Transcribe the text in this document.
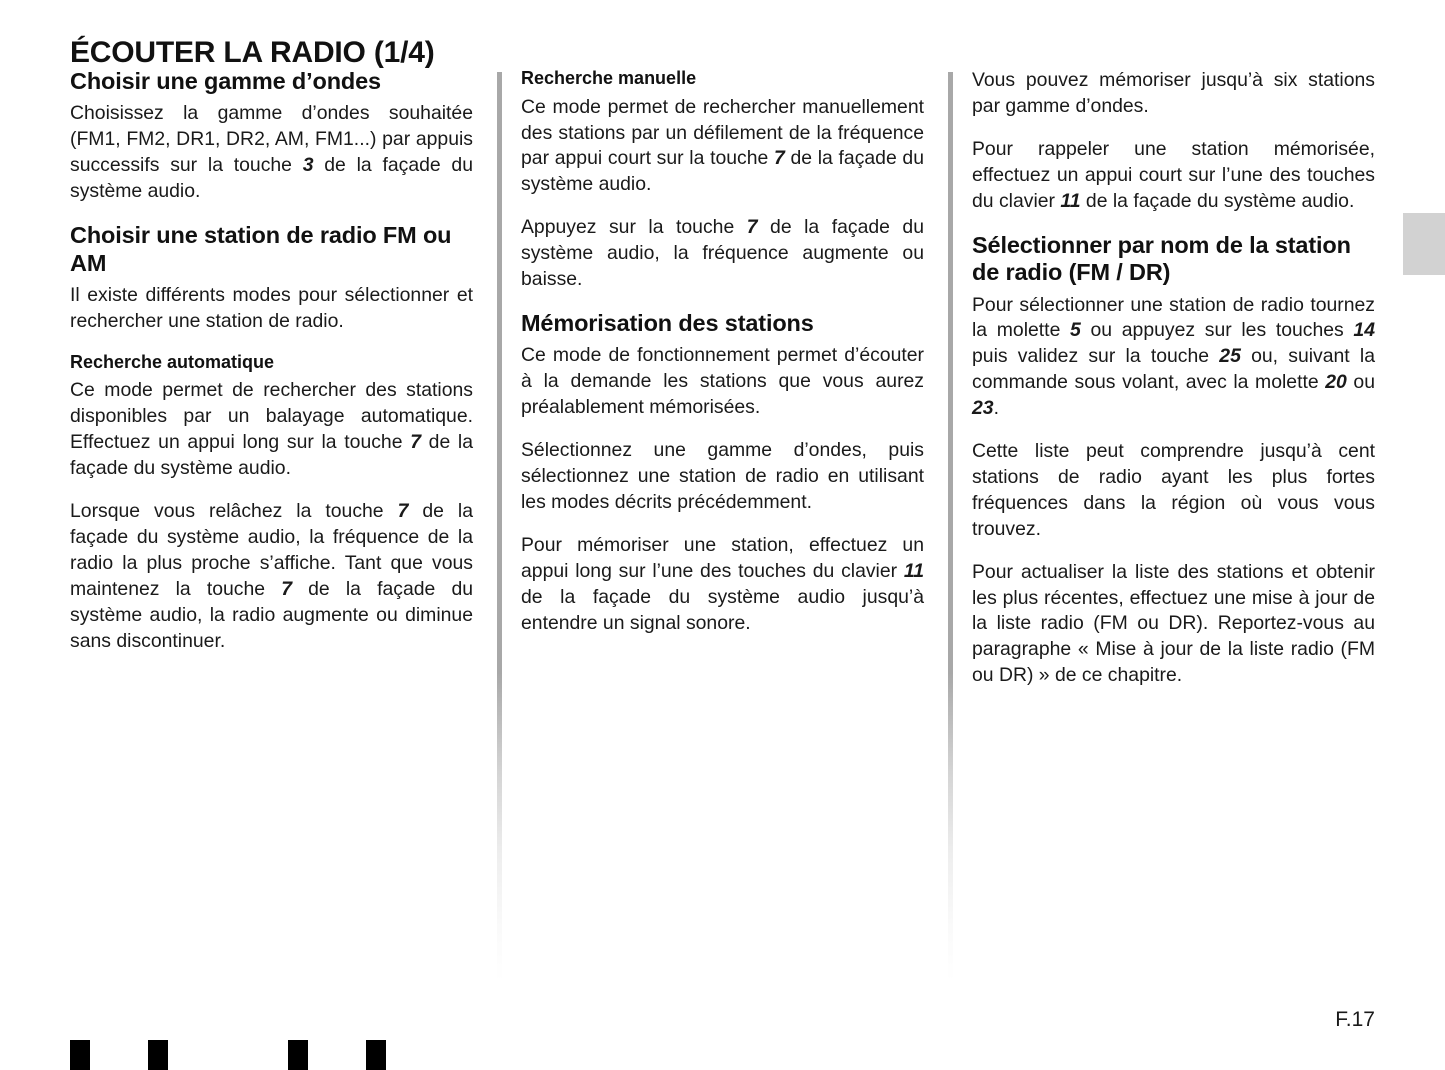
ÉCOUTER LA RADIO (1/4)
Choisir une gamme d’ondes

Choisissez la gamme d’ondes souhaitée (FM1, FM2, DR1, DR2, AM, FM1...) par appuis successifs sur la touche 3 de la façade du système audio.

Choisir une station de radio FM ou AM

Il existe différents modes pour sélectionner et rechercher une station de radio.

Recherche automatique

Ce mode permet de rechercher des stations disponibles par un balayage automatique. Effectuez un appui long sur la touche 7 de la façade du système audio.

Lorsque vous relâchez la touche 7 de la façade du système audio, la fréquence de la radio la plus proche s’affiche. Tant que vous maintenez la touche 7 de la façade du système audio, la radio augmente ou diminue sans discontinuer.

Recherche manuelle

Ce mode permet de rechercher manuellement des stations par un défilement de la fréquence par appui court sur la touche 7 de la façade du système audio.

Appuyez sur la touche 7 de la façade du système audio, la fréquence augmente ou baisse.

Mémorisation des stations

Ce mode de fonctionnement permet d’écouter à la demande les stations que vous aurez préalablement mémorisées.

Sélectionnez une gamme d’ondes, puis sélectionnez une station de radio en utilisant les modes décrits précédemment.

Pour mémoriser une station, effectuez un appui long sur l’une des touches du clavier 11 de la façade du système audio jusqu’à entendre un signal sonore.

Vous pouvez mémoriser jusqu’à six stations par gamme d’ondes.

Pour rappeler une station mémorisée, effectuez un appui court sur l’une des touches du clavier 11 de la façade du système audio.

Sélectionner par nom de la station de radio (FM / DR)

Pour sélectionner une station de radio tournez la molette 5 ou appuyez sur les touches 14 puis validez sur la touche 25 ou, suivant la commande sous volant, avec la molette 20 ou 23.

Cette liste peut comprendre jusqu’à cent stations de radio ayant les plus fortes fréquences dans la région où vous vous trouvez.

Pour actualiser la liste des stations et obtenir les plus récentes, effectuez une mise à jour de la liste radio (FM ou DR). Reportez-vous au paragraphe « Mise à jour de la liste radio (FM ou DR) » de ce chapitre.

F.17
